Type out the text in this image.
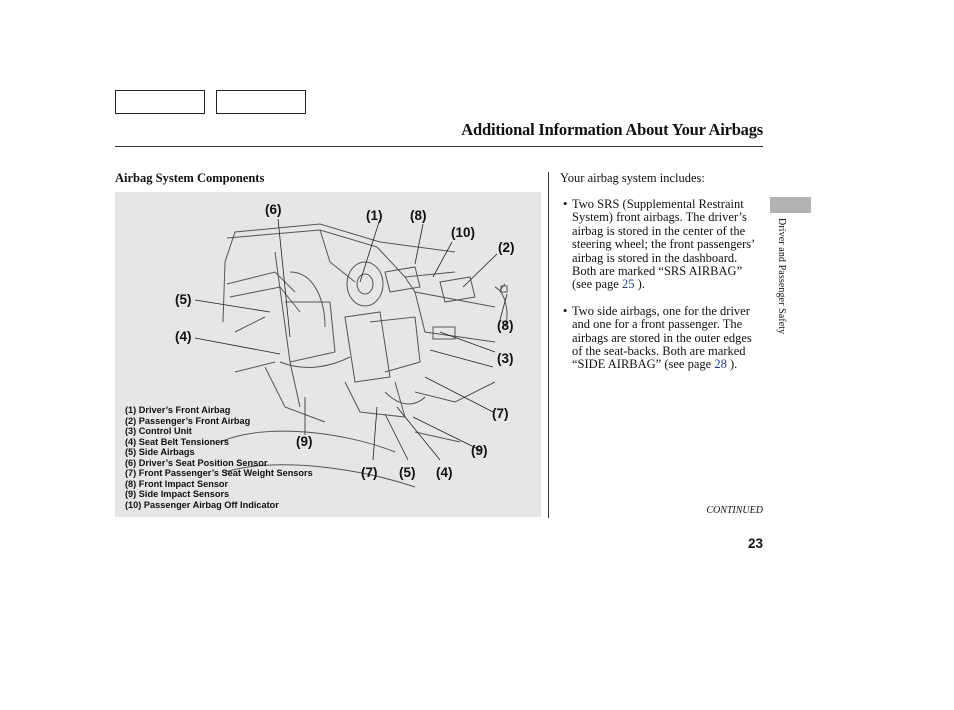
Additional Information About Your Airbags
Airbag System Components
(6)	(1) (8)
(10)
(2)
(5)
(4)
(8)
(3)
(7)
(9)
(9)
(7) (5) (4)
(1) Driver’s Front Airbag
(2) Passenger’s Front Airbag
(3) Control Unit
(4) Seat Belt Tensioners
(5) Side Airbags
(6) Driver’s Seat Position Sensor
(7) Front Passenger’s Seat Weight Sensors
(8) Front Impact Sensor
(9) Side Impact Sensors
(10) Passenger Airbag Off Indicator
Your airbag system includes:
• Two SRS (Supplemental Restraint System) front airbags. The driver’s airbag is stored in the center of the steering wheel; the front passengers’ airbag is stored in the dashboard. Both are marked “SRS AIRBAG” (see page 25 ).
• Two side airbags, one for the driver and one for a front passenger. The airbags are stored in the outer edges of the seat-backs. Both are marked “SIDE AIRBAG” (see page 28 ).
Driver and Passenger Safety
CONTINUED
23
